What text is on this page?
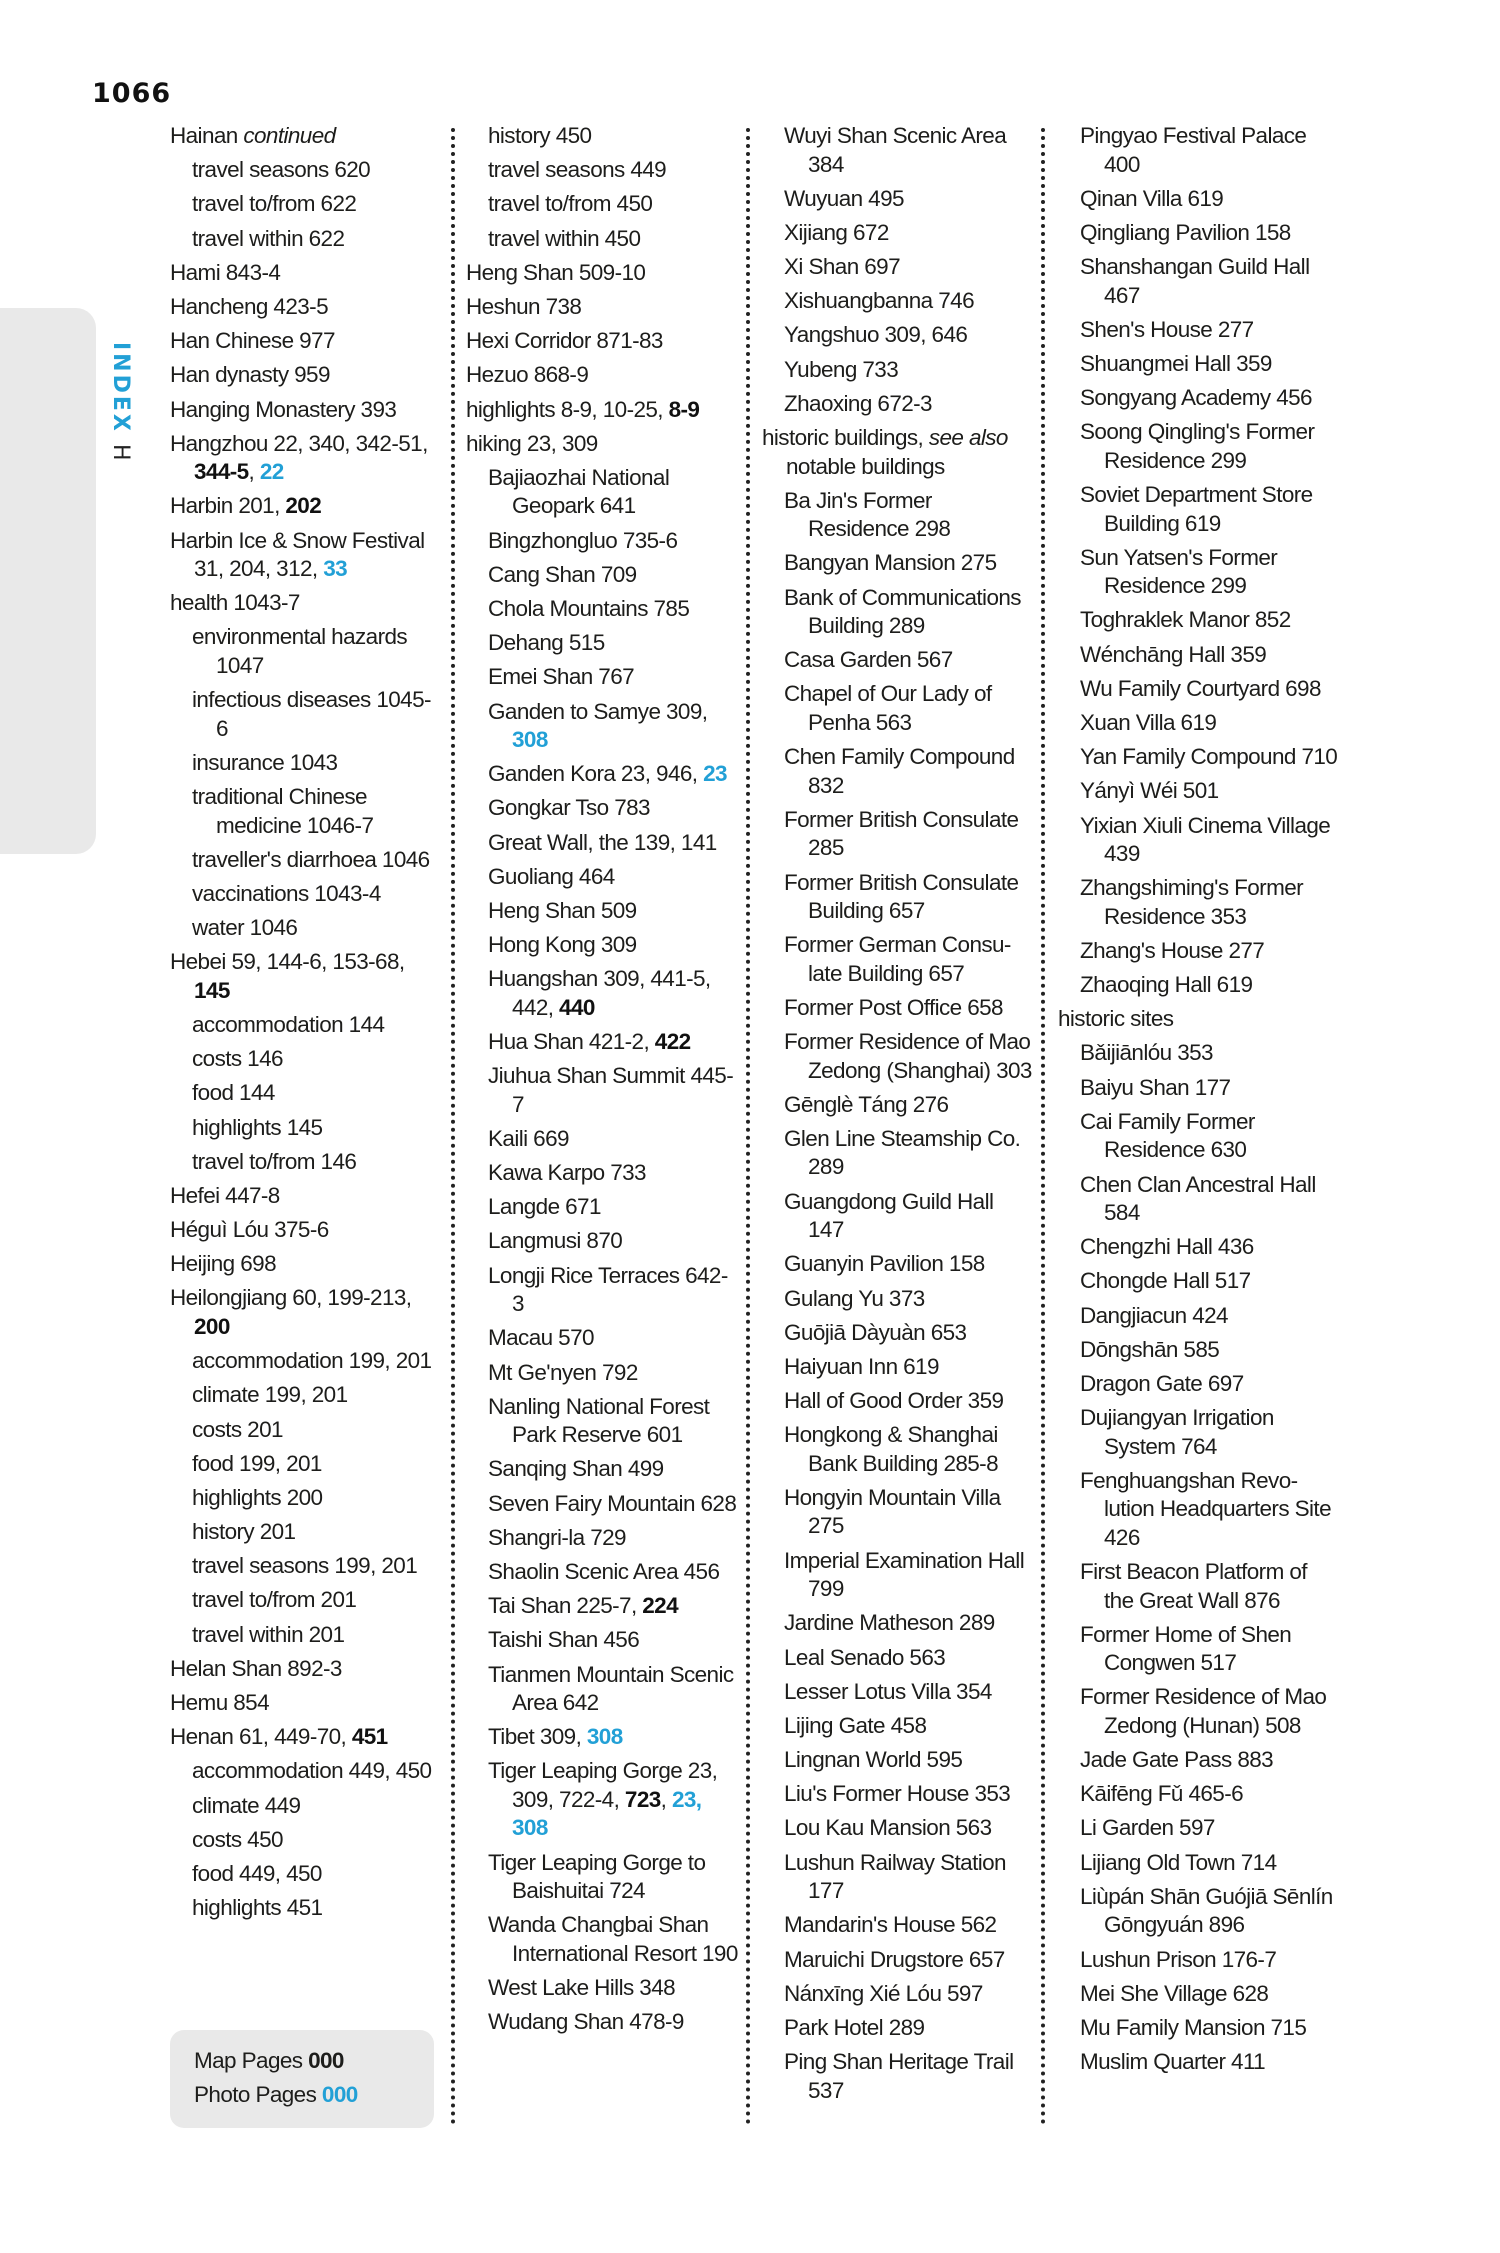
1066
INDEX
H
Hainan continued
travel seasons 620
travel to/from 622
travel within 622
Hami 843-4
Hancheng 423-5
Han Chinese 977
Han dynasty 959
Hanging Monastery 393
Hangzhou 22, 340, 342-51, 344-5, 22
Harbin 201, 202
Harbin Ice & Snow Festival 31, 204, 312, 33
health 1043-7
environmental hazards 1047
infectious diseases 1045-6
insurance 1043
traditional Chinese medicine 1046-7
traveller's diarrhoea 1046
vaccinations 1043-4
water 1046
Hebei 59, 144-6, 153-68, 145
accommodation 144
costs 146
food 144
highlights 145
travel to/from 146
Hefei 447-8
Héguì Lóu 375-6
Heijing 698
Heilongjiang 60, 199-213, 200
accommodation 199, 201
climate 199, 201
costs 201
food 199, 201
highlights 200
history 201
travel seasons 199, 201
travel to/from 201
travel within 201
Helan Shan 892-3
Hemu 854
Henan 61, 449-70, 451
accommodation 449, 450
climate 449
costs 450
food 449, 450
highlights 451
history 450
travel seasons 449
travel to/from 450
travel within 450
Heng Shan 509-10
Heshun 738
Hexi Corridor 871-83
Hezuo 868-9
highlights 8-9, 10-25, 8-9
hiking 23, 309
Bajiaozhai National Geopark 641
Bingzhongluo 735-6
Cang Shan 709
Chola Mountains 785
Dehang 515
Emei Shan 767
Ganden to Samye 309, 308
Ganden Kora 23, 946, 23
Gongkar Tso 783
Great Wall, the 139, 141
Guoliang 464
Heng Shan 509
Hong Kong 309
Huangshan 309, 441-5, 442, 440
Hua Shan 421-2, 422
Jiuhua Shan Summit 445-7
Kaili 669
Kawa Karpo 733
Langde 671
Langmusi 870
Longji Rice Terraces 642-3
Macau 570
Mt Ge'nyen 792
Nanling National Forest Park Reserve 601
Sanqing Shan 499
Seven Fairy Mountain 628
Shangri-la 729
Shaolin Scenic Area 456
Tai Shan 225-7, 224
Taishi Shan 456
Tianmen Mountain Scenic Area 642
Tibet 309, 308
Tiger Leaping Gorge 23, 309, 722-4, 723, 23, 308
Tiger Leaping Gorge to Baishuitai 724
Wanda Changbai Shan International Resort 190
West Lake Hills 348
Wudang Shan 478-9
Wuyi Shan Scenic Area 384
Wuyuan 495
Xijiang 672
Xi Shan 697
Xishuangbanna 746
Yangshuo 309, 646
Yubeng 733
Zhaoxing 672-3
historic buildings, see also notable buildings
Ba Jin's Former Residence 298
Bangyan Mansion 275
Bank of Communications Building 289
Casa Garden 567
Chapel of Our Lady of Penha 563
Chen Family Compound 832
Former British Consulate 285
Former British Consulate Building 657
Former German Consu-late Building 657
Former Post Office 658
Former Residence of Mao Zedong (Shanghai) 303
Gēnglè Táng 276
Glen Line Steamship Co. 289
Guangdong Guild Hall 147
Guanyin Pavilion 158
Gulang Yu 373
Guōjiā Dàyuàn 653
Haiyuan Inn 619
Hall of Good Order 359
Hongkong & Shanghai Bank Building 285-8
Hongyin Mountain Villa 275
Imperial Examination Hall 799
Jardine Matheson 289
Leal Senado 563
Lesser Lotus Villa 354
Lijing Gate 458
Lingnan World 595
Liu's Former House 353
Lou Kau Mansion 563
Lushun Railway Station 177
Mandarin's House 562
Maruichi Drugstore 657
Nánxīng Xié Lóu 597
Park Hotel 289
Ping Shan Heritage Trail 537
Pingyao Festival Palace 400
Qinan Villa 619
Qingliang Pavilion 158
Shanshangan Guild Hall 467
Shen's House 277
Shuangmei Hall 359
Songyang Academy 456
Soong Qingling's Former Residence 299
Soviet Department Store Building 619
Sun Yatsen's Former Residence 299
Toghraklek Manor 852
Wénchāng Hall 359
Wu Family Courtyard 698
Xuan Villa 619
Yan Family Compound 710
Yányì Wéi 501
Yixian Xiuli Cinema Village 439
Zhangshiming's Former Residence 353
Zhang's House 277
Zhaoqing Hall 619
historic sites
Bǎijiānlóu 353
Baiyu Shan 177
Cai Family Former Residence 630
Chen Clan Ancestral Hall 584
Chengzhi Hall 436
Chongde Hall 517
Dangjiacun 424
Dōngshān 585
Dragon Gate 697
Dujiangyan Irrigation System 764
Fenghuangshan Revo-lution Headquarters Site 426
First Beacon Platform of the Great Wall 876
Former Home of Shen Congwen 517
Former Residence of Mao Zedong (Hunan) 508
Jade Gate Pass 883
Kāifēng Fǔ 465-6
Li Garden 597
Lijiang Old Town 714
Liùpán Shān Guójiā Sēnlín Gōngyuán 896
Lushun Prison 176-7
Mei She Village 628
Mu Family Mansion 715
Muslim Quarter 411
Map Pages 000
Photo Pages 000
